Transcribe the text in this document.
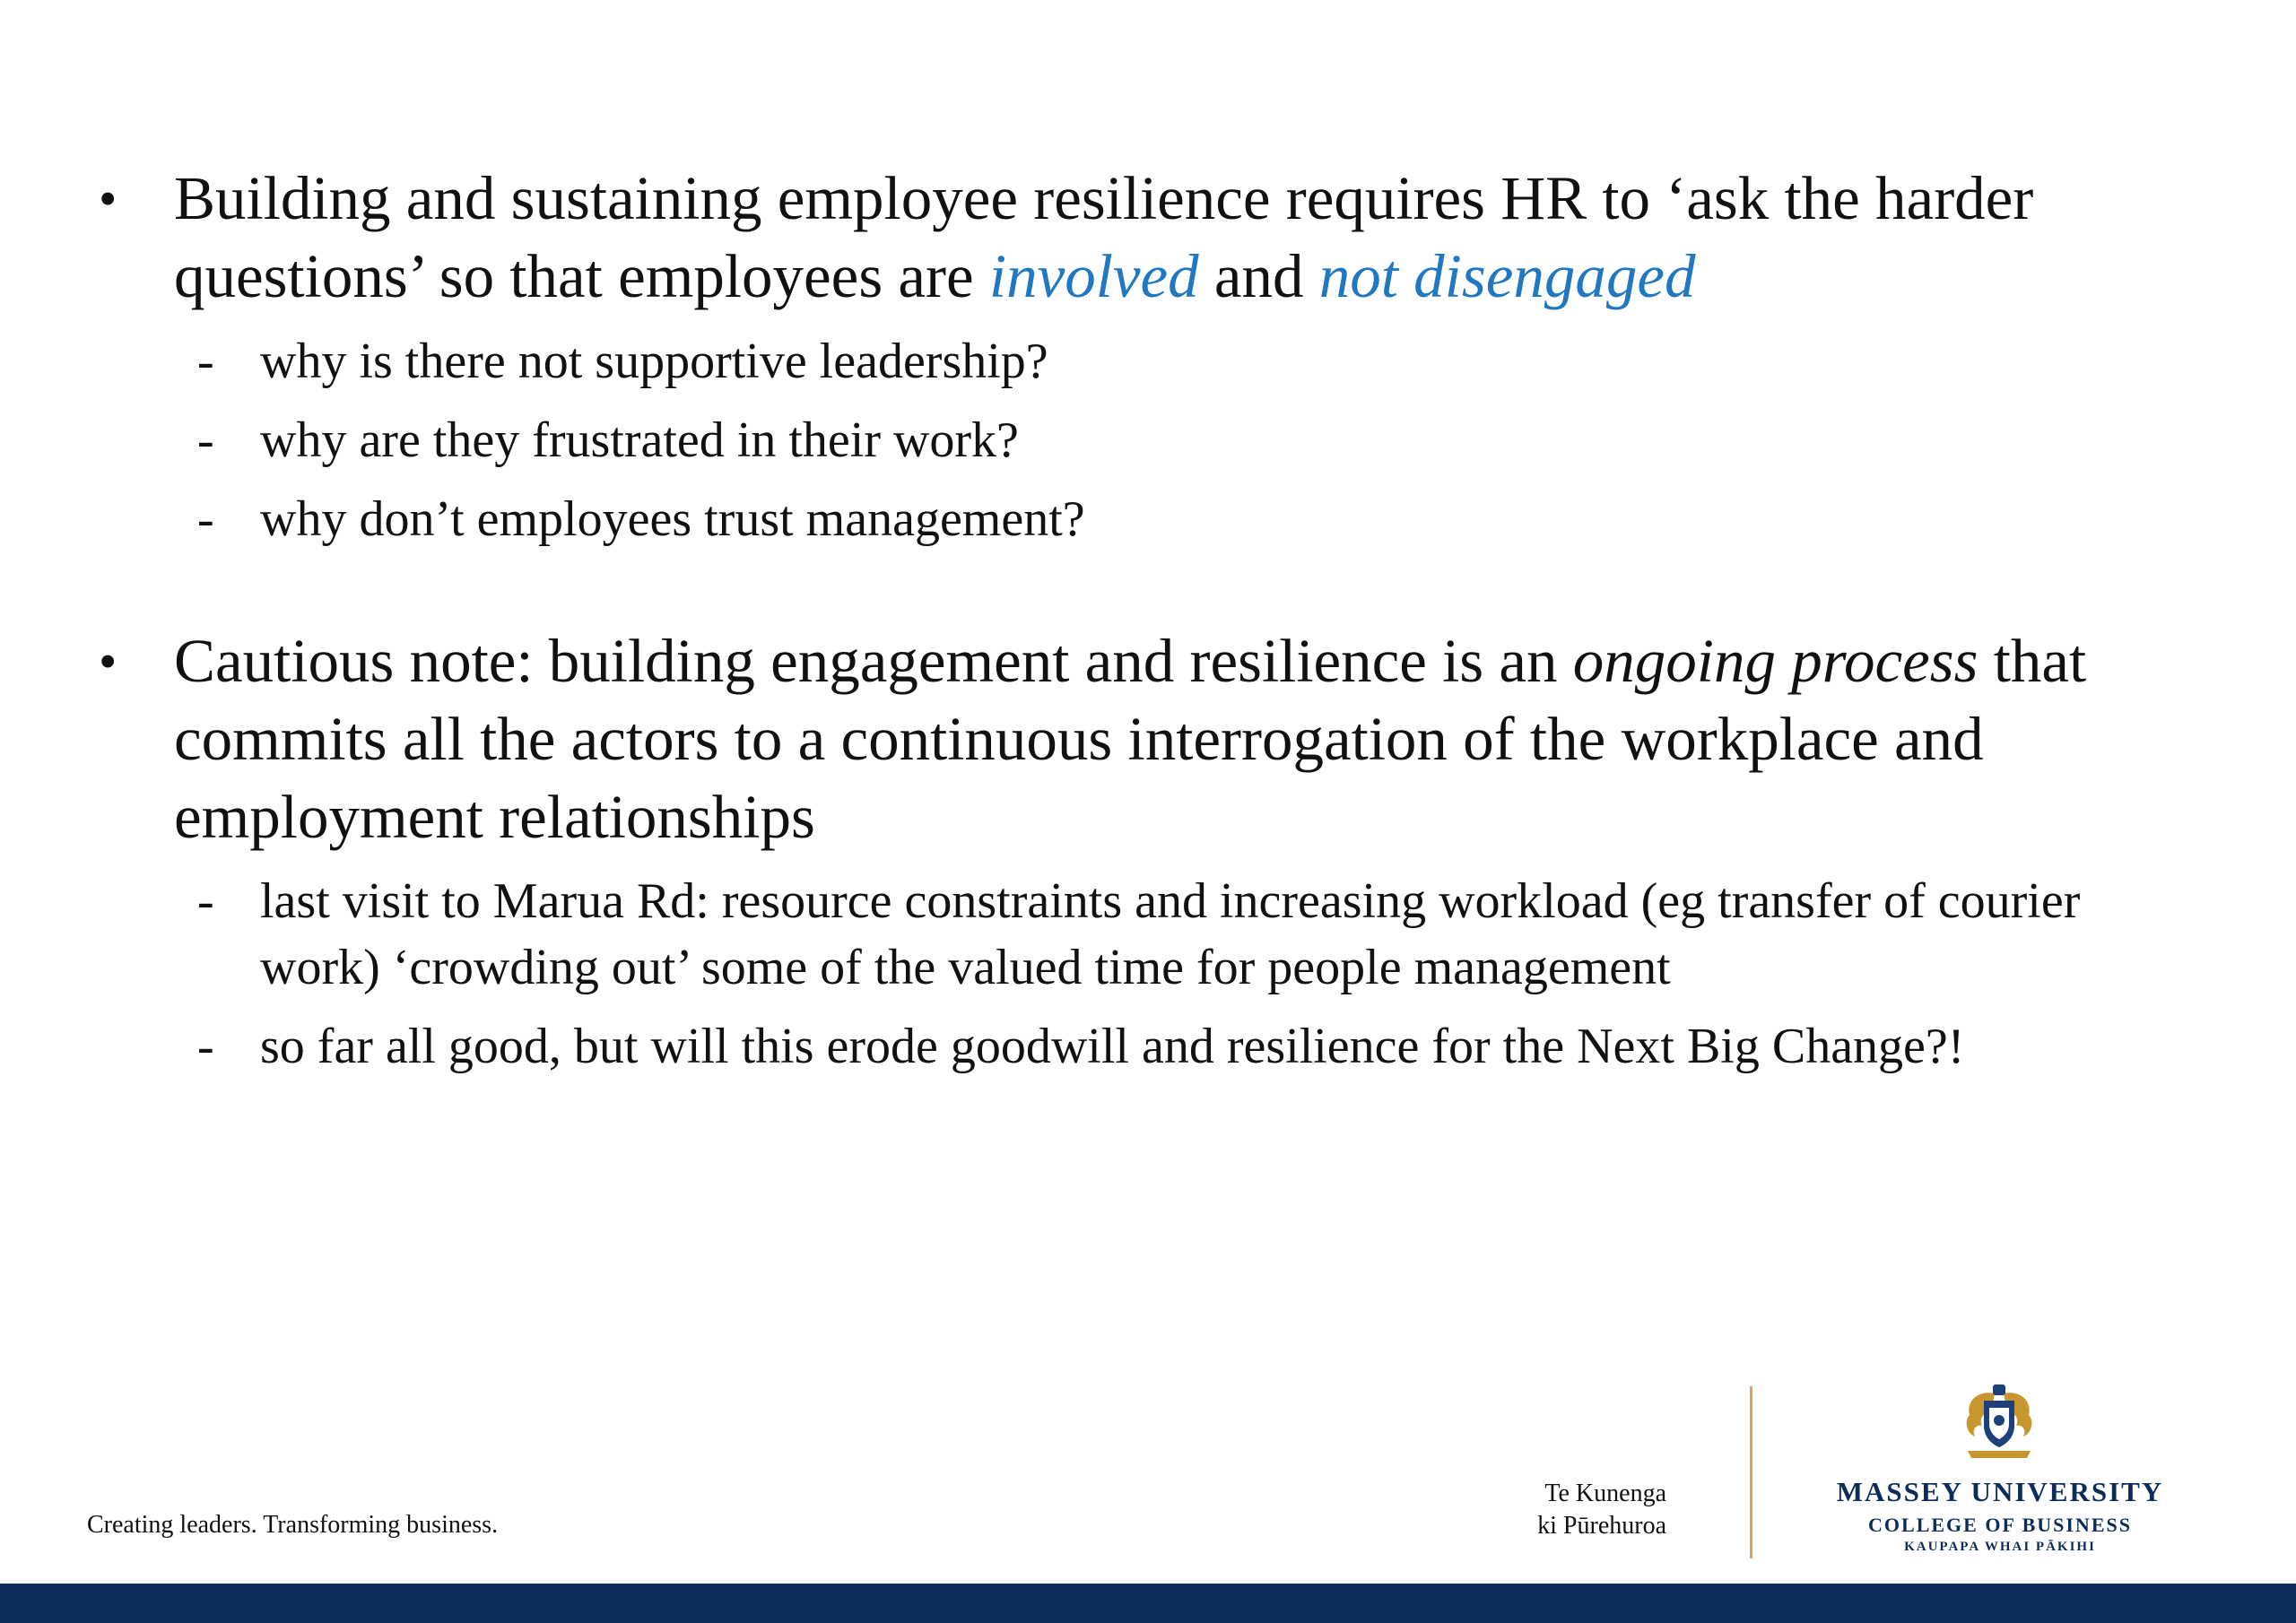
• Building and sustaining employee resilience requires HR to ‘ask the harder questions’ so that employees are involved and not disengaged
- why is there not supportive leadership?
- why are they frustrated in their work?
- why don’t employees trust management?
• Cautious note: building engagement and resilience is an ongoing process that commits all the actors to a continuous interrogation of the workplace and employment relationships
- last visit to Marua Rd: resource constraints and increasing workload (eg transfer of courier work) ‘crowding out’ some of the valued time for people management
- so far all good, but will this erode goodwill and resilience for the Next Big Change?!
Creating leaders. Transforming business.
Te Kunenga
ki Pūrehuroa
MASSEY UNIVERSITY
COLLEGE OF BUSINESS
KAUPAPA WHAI PĀKIHI
